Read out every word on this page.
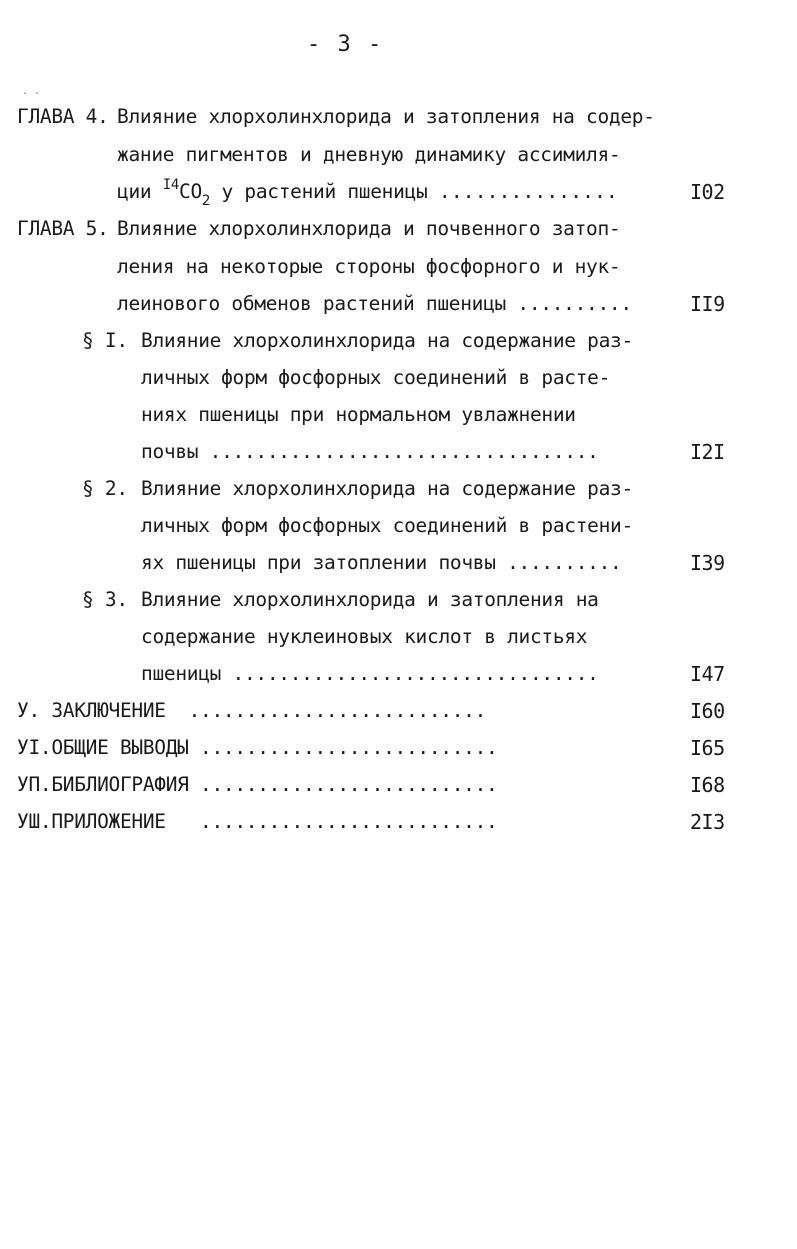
- 3 -
. .
ГЛАВА 4. Влияние хлорхолинхлорида и затопления на содер-
жание пигментов и дневную динамику ассимиля-
ции $^{I4}CO_2$ у растений пшеницы ...............	I02
ГЛАВА 5. Влияние хлорхолинхлорида и почвенного затоп-
ления на некотоpые стороны фосфорного и нук-
леинового обменов растений пшеницы ..........	II9
§ I. Влияние хлорхолинхлорида на содержание раз-
личных форм фосфорных соединений в расте-
ниях пшеницы при нормальном увлажнении
почвы ..................................	I2I
§ 2. Влияние хлорхолинхлорида на содержание раз-
личных форм фосфорных соединений в растени-
ях пшеницы при затоплении почвы ..........	I39
§ 3. Влияние хлорхолинхлорида и затопления на
содержание нуклеиновых кислот в листьях
пшеницы ................................	I47
У. ЗАКЛЮЧЕНИЕ  ..........................	I60
УI.ОБЩИЕ ВЫВОДЫ ..........................	I65
УП.БИБЛИОГРАФИЯ ..........................	I68
УШ.ПРИЛОЖЕНИЕ   ..........................	2I3
